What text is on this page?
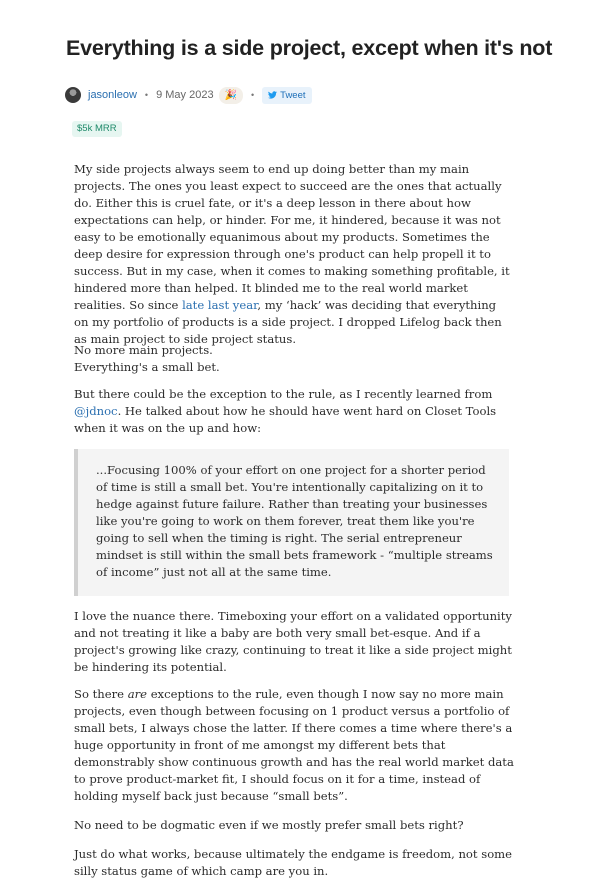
Everything is a side project, except when it's not
jasonleow • 9 May 2023	🎉	•	Tweet
$5k MRR

My side projects always seem to end up doing better than my main projects. The ones you least expect to succeed are the ones that actually do. Either this is cruel fate, or it's a deep lesson in there about how expectations can help, or hinder. For me, it hindered, because it was not easy to be emotionally equanimous about my products. Sometimes the deep desire for expression through one's product can help propell it to success. But in my case, when it comes to making something profitable, it hindered more than helped. It blinded me to the real world market realities. So since late last year, my ‘hack’ was deciding that everything on my portfolio of products is a side project. I dropped Lifelog back then as main project to side project status.

No more main projects.
Everything's a small bet.

But there could be the exception to the rule, as I recently learned from @jdnoc. He talked about how he should have went hard on Closet Tools when it was on the up and how:

...Focusing 100% of your effort on one project for a shorter period of time is still a small bet. You're intentionally capitalizing on it to hedge against future failure. Rather than treating your businesses like you're going to work on them forever, treat them like you're going to sell when the timing is right. The serial entrepreneur mindset is still within the small bets framework - “multiple streams of income” just not all at the same time.

I love the nuance there. Timeboxing your effort on a validated opportunity and not treating it like a baby are both very small bet-esque. And if a project's growing like crazy, continuing to treat it like a side project might be hindering its potential.

So there are exceptions to the rule, even though I now say no more main projects, even though between focusing on 1 product versus a portfolio of small bets, I always chose the latter. If there comes a time where there's a huge opportunity in front of me amongst my different bets that demonstrably show continuous growth and has the real world market data to prove product-market fit, I should focus on it for a time, instead of holding myself back just because “small bets”.

No need to be dogmatic even if we mostly prefer small bets right?

Just do what works, because ultimately the endgame is freedom, not some silly status game of which camp are you in.
